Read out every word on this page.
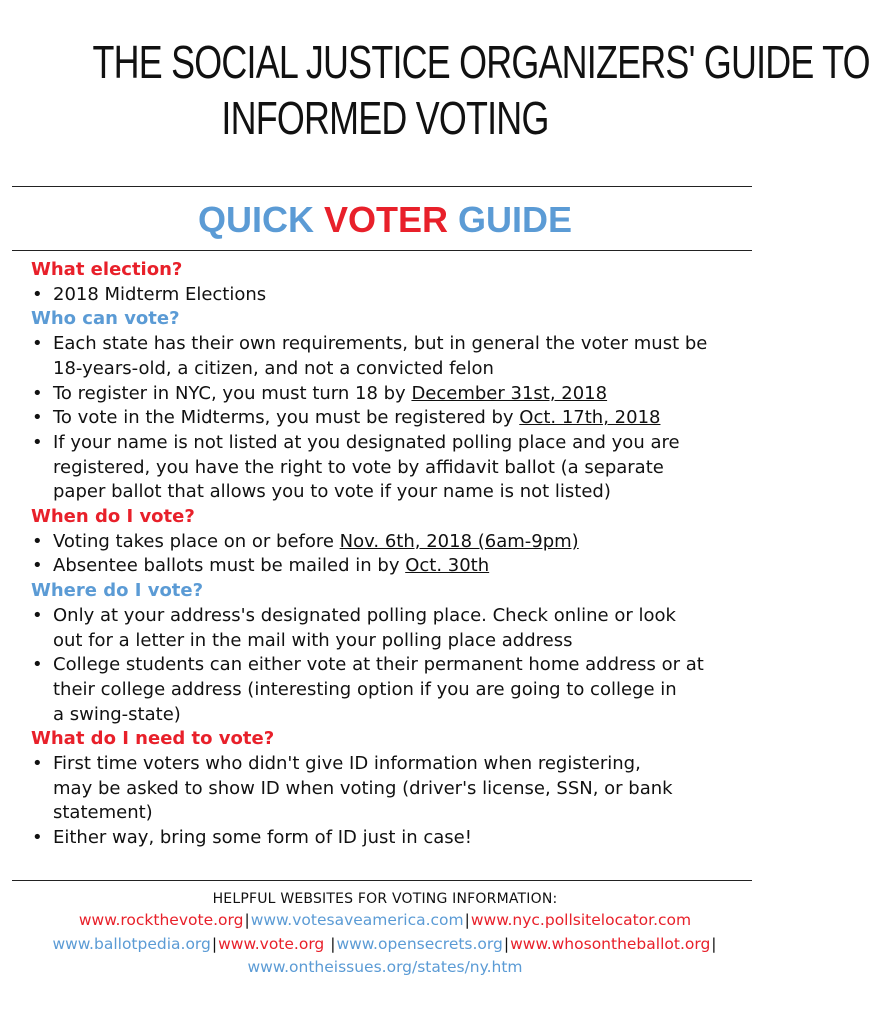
THE SOCIAL JUSTICE ORGANIZERS' GUIDE TO
INFORMED VOTING
QUICK VOTER GUIDE
What election?
• 2018 Midterm Elections
Who can vote?
• Each state has their own requirements, but in general the voter must be
18-years-old, a citizen, and not a convicted felon
• To register in NYC, you must turn 18 by December 31st, 2018
• To vote in the Midterms, you must be registered by Oct. 17th, 2018
• If your name is not listed at you designated polling place and you are
registered, you have the right to vote by affidavit ballot (a separate
paper ballot that allows you to vote if your name is not listed)
When do I vote?
• Voting takes place on or before Nov. 6th, 2018 (6am-9pm)
• Absentee ballots must be mailed in by Oct. 30th
Where do I vote?
• Only at your address's designated polling place. Check online or look
out for a letter in the mail with your polling place address
• College students can either vote at their permanent home address or at
their college address (interesting option if you are going to college in
a swing-state)
What do I need to vote?
• First time voters who didn't give ID information when registering,
may be asked to show ID when voting (driver's license, SSN, or bank
statement)
• Either way, bring some form of ID just in case!
HELPFUL WEBSITES FOR VOTING INFORMATION:
www.rockthevote.org|www.votesaveamerica.com|www.nyc.pollsitelocator.com
www.ballotpedia.org|www.vote.org |www.opensecrets.org|www.whosontheballot.org|
www.ontheissues.org/states/ny.htm
